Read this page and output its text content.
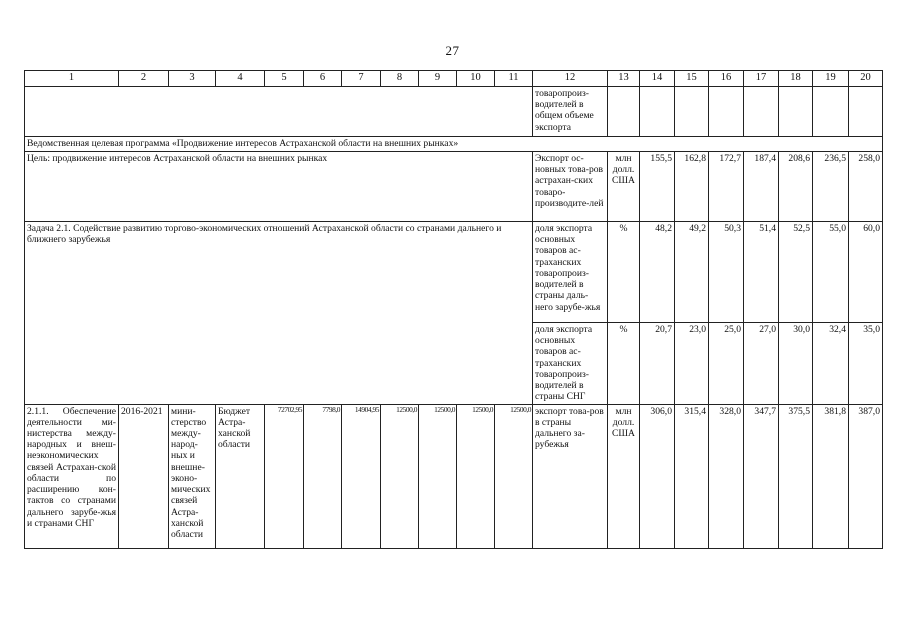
27
1	2	3	4	5	6	7	8	9	10	11	12	13	14	15	16	17	18	19	20
											товаропроиз-водителей в общем объеме экспорта								
Ведомственная целевая программа «Продвижение интересов Астраханской области на внешних рынках»																			
Цель: продвижение интересов Астраханской области на внешних рынках											Экспорт ос-новных това-ров астрахан-ских товаро-производите-лей	млн долл. США	155,5	162,8	172,7	187,4	208,6	236,5	258,0
Задача 2.1. Содействие развитию торгово-экономических отношений Астраханской области со странами дальнего и ближнего зарубежья											доля экспорта основных товаров ас-траханских товаропроиз-водителей в страны даль-него зарубе-жья	%	48,2	49,2	50,3	51,4	52,5	55,0	60,0
											доля экспорта основных товаров ас-траханских товаропроиз-водителей в страны СНГ	%	20,7	23,0	25,0	27,0	30,0	32,4	35,0
2.1.1. Обеспечение деятельности ми-нистерства между-народных и внеш-неэкономических связей Астрахан-ской области по расширению кон-тактов со странами дальнего зарубе-жья и странами СНГ	2016-2021	мини-стерство между-народ-ных и внешне-эконо-мических связей Астра-ханской области	Бюджет Астра-ханской области	72702,95	7798,0	14904,95	12500,0	12500,0	12500,0	12500,0	экспорт това-ров в страны дальнего за-рубежья	млн долл. США	306,0	315,4	328,0	347,7	375,5	381,8	387,0
